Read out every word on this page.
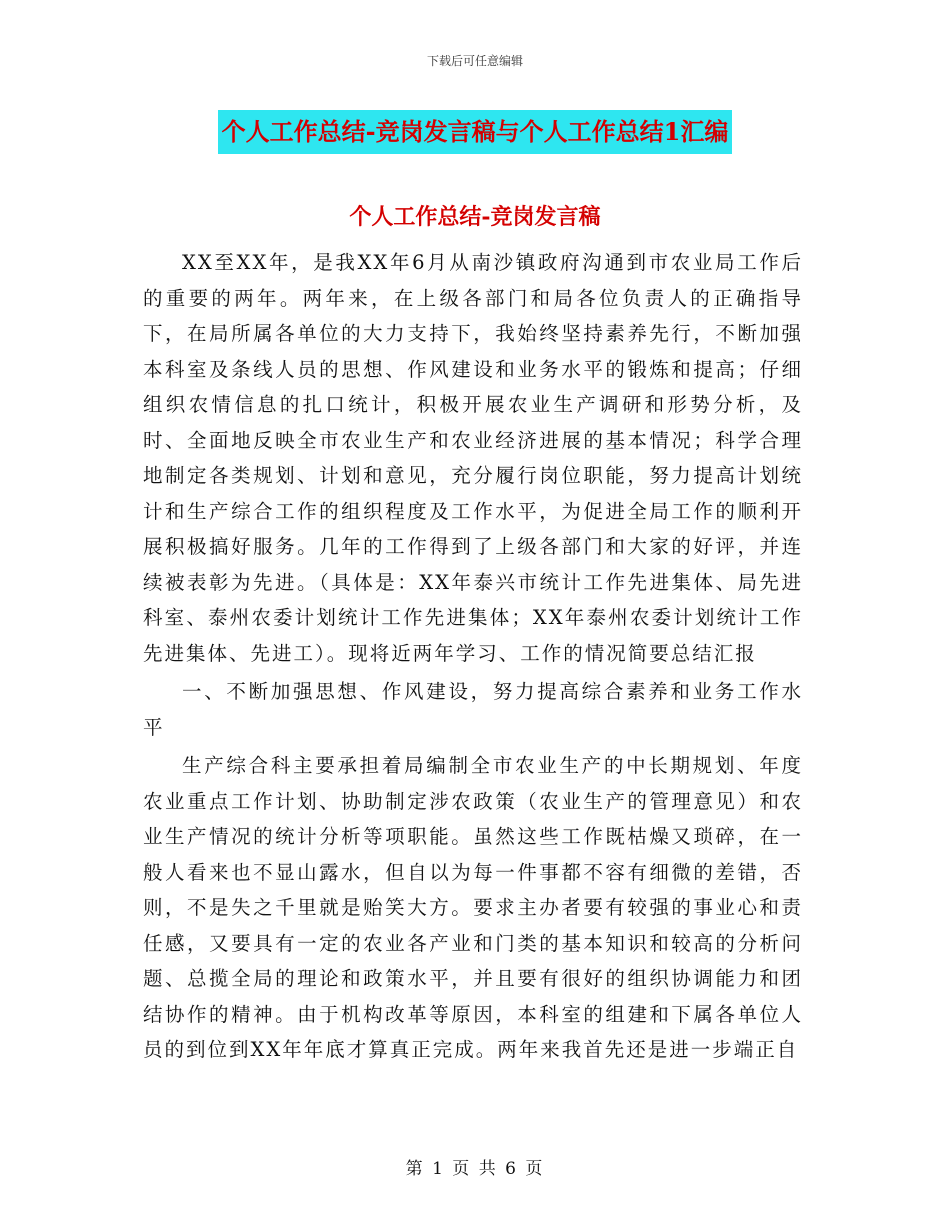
下载后可任意编辑
个人工作总结-竞岗发言稿与个人工作总结1汇编
个人工作总结-竞岗发言稿

XX至XX年，是我XX年6月从南沙镇政府沟通到市农业局工作后的重要的两年。两年来，在上级各部门和局各位负责人的正确指导下，在局所属各单位的大力支持下，我始终坚持素养先行，不断加强本科室及条线人员的思想、作风建设和业务水平的锻炼和提高；仔细组织农情信息的扎口统计，积极开展农业生产调研和形势分析，及时、全面地反映全市农业生产和农业经济进展的基本情况；科学合理地制定各类规划、计划和意见，充分履行岗位职能，努力提高计划统计和生产综合工作的组织程度及工作水平，为促进全局工作的顺利开展积极搞好服务。几年的工作得到了上级各部门和大家的好评，并连续被表彰为先进。（具体是：XX年泰兴市统计工作先进集体、局先进科室、泰州农委计划统计工作先进集体；XX年泰州农委计划统计工作先进集体、先进工）。现将近两年学习、工作的情况简要总结汇报

一、不断加强思想、作风建设，努力提高综合素养和业务工作水平

生产综合科主要承担着局编制全市农业生产的中长期规划、年度农业重点工作计划、协助制定涉农政策（农业生产的管理意见）和农业生产情况的统计分析等项职能。虽然这些工作既枯燥又琐碎，在一般人看来也不显山露水，但自以为每一件事都不容有细微的差错，否则，不是失之千里就是贻笑大方。要求主办者要有较强的事业心和责任感，又要具有一定的农业各产业和门类的基本知识和较高的分析问题、总揽全局的理论和政策水平，并且要有很好的组织协调能力和团结协作的精神。由于机构改革等原因，本科室的组建和下属各单位人员的到位到XX年年底才算真正完成。两年来我首先还是进一步端正自

第 1 页 共 6 页
